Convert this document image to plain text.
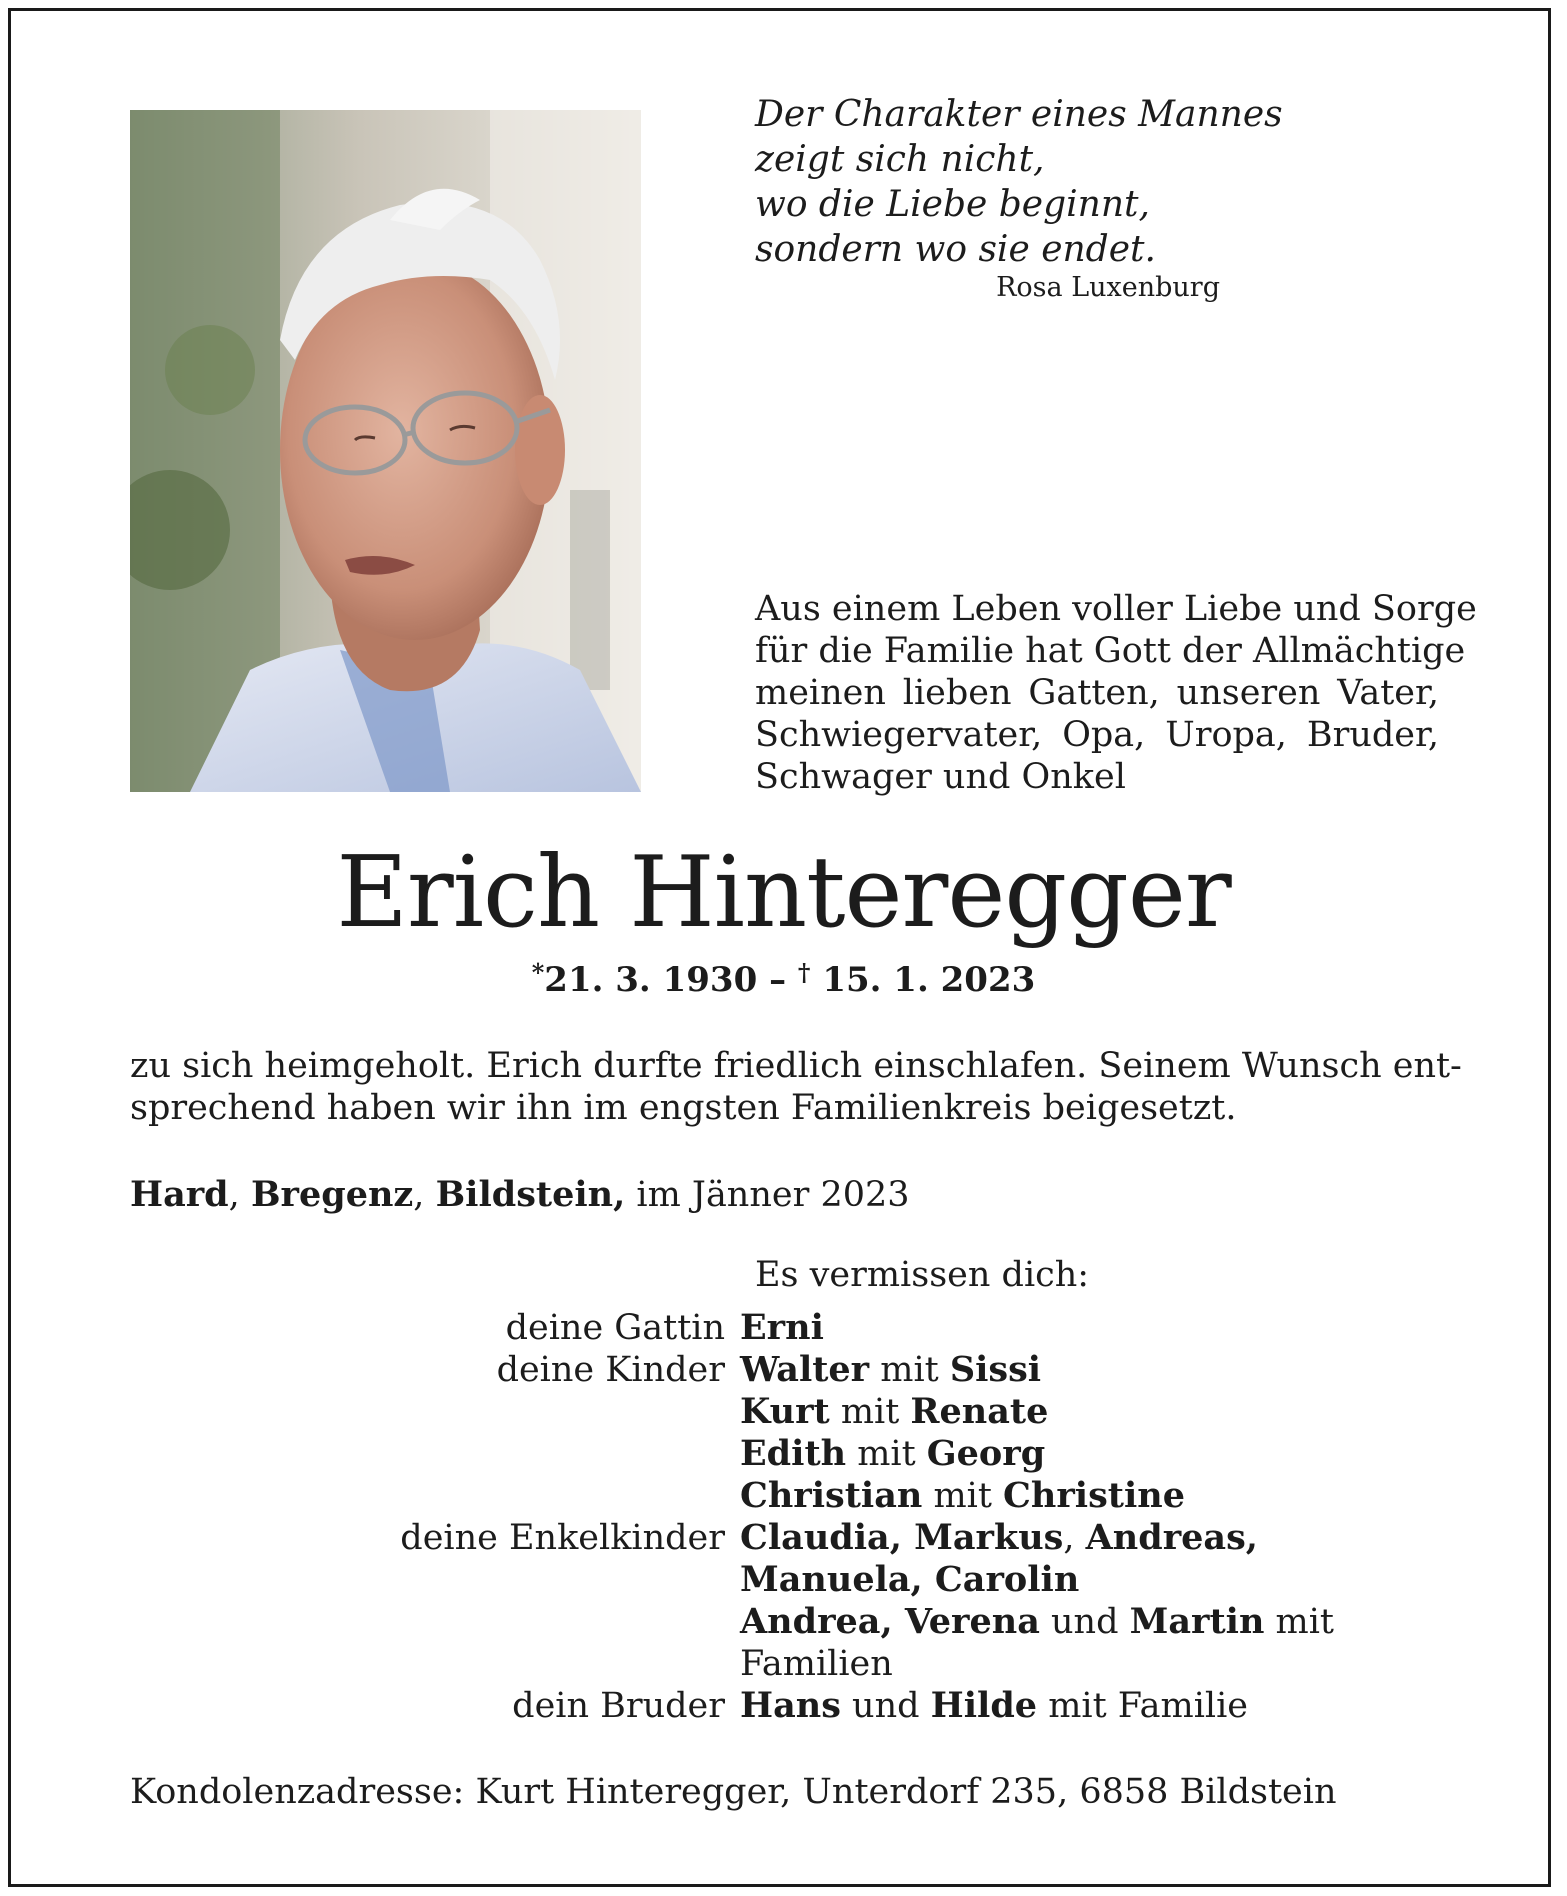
Der Charakter eines Mannes
zeigt sich nicht,
wo die Liebe beginnt,
sondern wo sie endet.
Rosa Luxenburg
Aus einem Leben voller Liebe und Sorge
für die Familie hat Gott der Allmächtige
meinen lieben Gatten, unseren Vater,
Schwiegervater, Opa, Uropa, Bruder,
Schwager und Onkel
Erich Hinteregger
*21. 3. 1930 – † 15. 1. 2023
zu sich heimgeholt. Erich durfte friedlich einschlafen. Seinem Wunsch ent-
sprechend haben wir ihn im engsten Familienkreis beigesetzt.
Hard, Bregenz, Bildstein, im Jänner 2023
Es vermissen dich:
deine Gattin Erni
deine Kinder Walter mit Sissi
Kurt mit Renate
Edith mit Georg
Christian mit Christine
deine Enkelkinder Claudia, Markus, Andreas,
Manuela, Carolin
Andrea, Verena und Martin mit
Familien
dein Bruder Hans und Hilde mit Familie
Kondolenzadresse: Kurt Hinteregger, Unterdorf 235, 6858 Bildstein
